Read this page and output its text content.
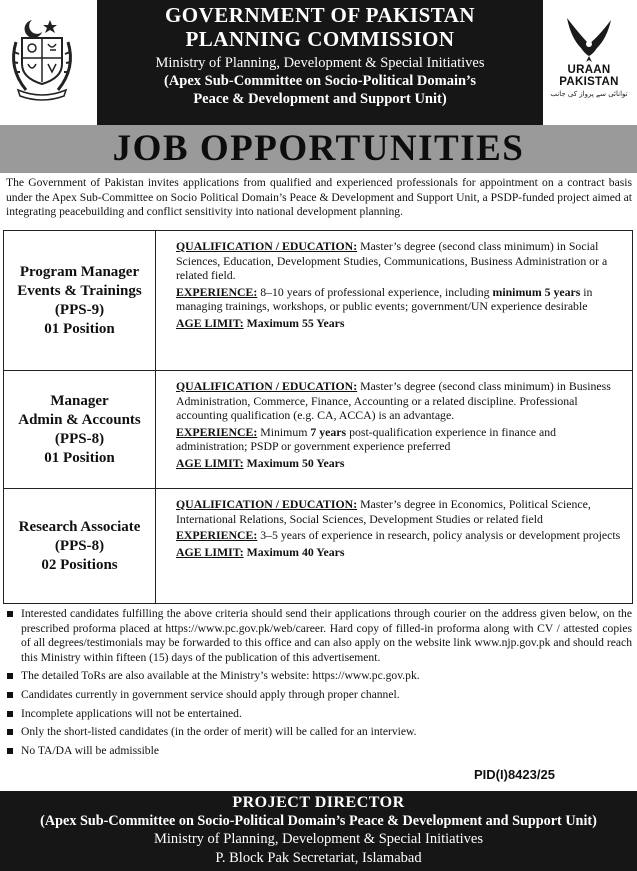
GOVERNMENT OF PAKISTAN
PLANNING COMMISSION
Ministry of Planning, Development & Special Initiatives
(Apex Sub-Committee on Socio-Political Domain’s
Peace & Development and Support Unit)
URAAN
PAKISTAN
توانائی سے پرواز کی جانب
JOB OPPORTUNITIES

The Government of Pakistan invites applications from qualified and experienced professionals for appointment on a contract basis under the Apex Sub-Committee on Socio Political Domain’s Peace & Development and Support Unit, a PSDP-funded project aimed at integrating peacebuilding and conflict sensitivity into national development planning.

Program Manager
Events & Trainings
(PPS-9)
01 Position

QUALIFICATION / EDUCATION: Master’s degree (second class minimum) in Social Sciences, Education, Development Studies, Communications, Business Administration or a related field.

EXPERIENCE: 8–10 years of professional experience, including minimum 5 years in managing trainings, workshops, or public events; government/UN experience desirable

AGE LIMIT: Maximum 55 Years

Manager
Admin & Accounts
(PPS-8)
01 Position

QUALIFICATION / EDUCATION: Master’s degree (second class minimum) in Business Administration, Commerce, Finance, Accounting or a related discipline. Professional accounting qualification (e.g. CA, ACCA) is an advantage.

EXPERIENCE: Minimum 7 years post-qualification experience in finance and administration; PSDP or government experience preferred

AGE LIMIT: Maximum 50 Years

Research Associate
(PPS-8)
02 Positions

QUALIFICATION / EDUCATION: Master’s degree in Economics, Political Science, International Relations, Social Sciences, Development Studies or related field

EXPERIENCE: 3–5 years of experience in research, policy analysis or development projects

AGE LIMIT: Maximum 40 Years

Interested candidates fulfilling the above criteria should send their applications through courier on the address given below, on the prescribed proforma placed at https://www.pc.gov.pk/web/career. Hard copy of filled-in proforma along with CV / attested copies of all degrees/testimonials may be forwarded to this office and can also apply on the website link www.njp.gov.pk and should reach this Ministry within fifteen (15) days of the publication of this advertisement.
The detailed ToRs are also available at the Ministry’s website: https://www.pc.gov.pk.
Candidates currently in government service should apply through proper channel.
Incomplete applications will not be entertained.
Only the short-listed candidates (in the order of merit) will be called for an interview.
No TA/DA will be admissible
PID(I)8423/25
PROJECT DIRECTOR
(Apex Sub-Committee on Socio-Political Domain’s Peace & Development and Support Unit)
Ministry of Planning, Development & Special Initiatives
P. Block Pak Secretariat, Islamabad
